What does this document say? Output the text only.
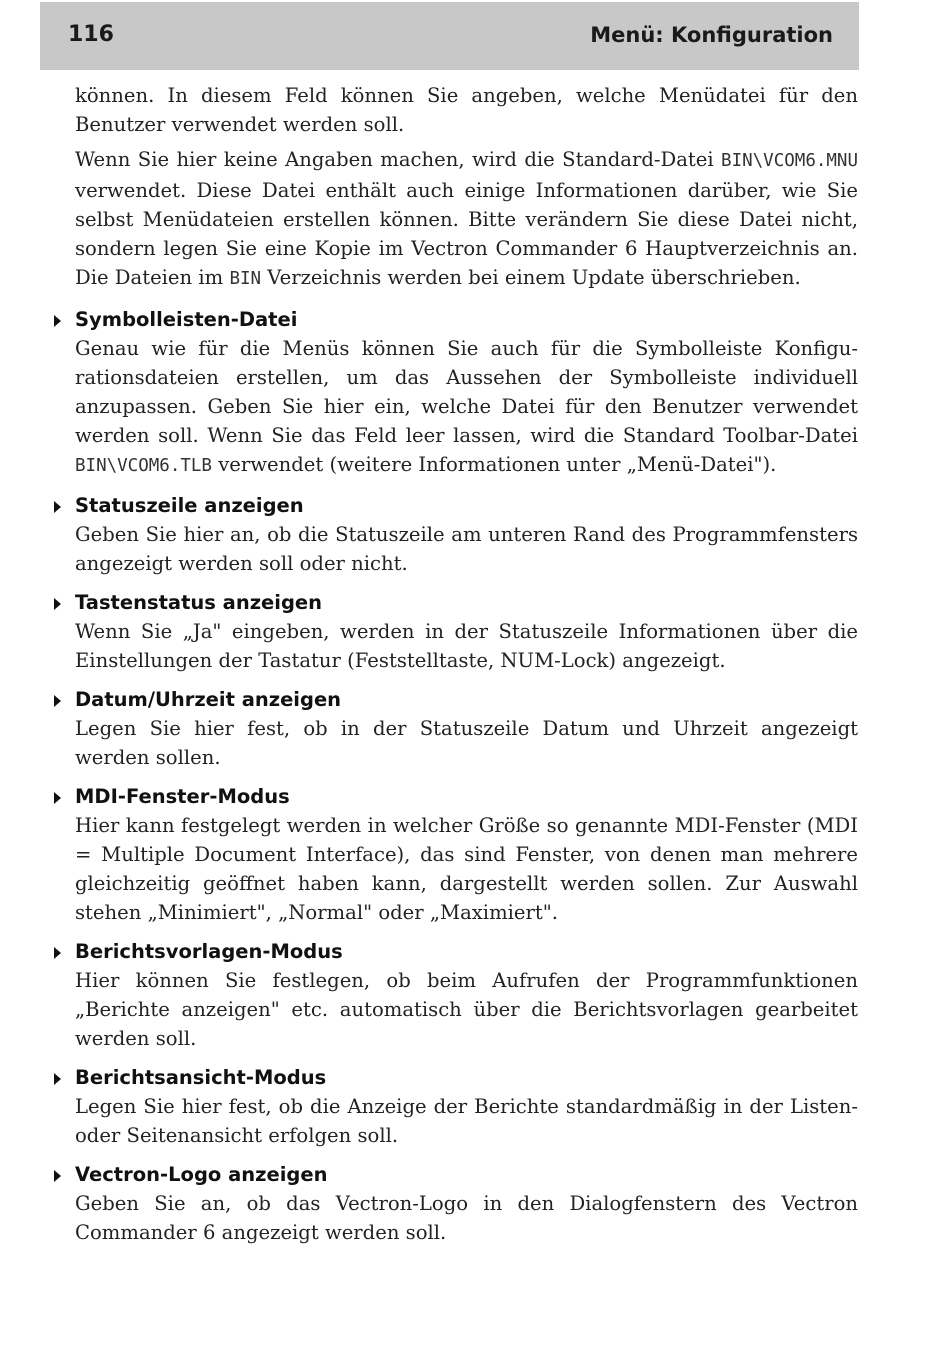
116	Menü: Konfiguration

können. In diesem Feld können Sie angeben, welche Menüdatei für den Benutzer verwendet werden soll.

Wenn Sie hier keine Angaben machen, wird die Standard-Datei BIN\VCOM6.MNU verwendet. Diese Datei enthält auch einige Informationen darüber, wie Sie selbst Menüdateien erstellen können. Bitte verändern Sie diese Datei nicht, sondern legen Sie eine Kopie im Vectron Commander 6 Hauptverzeichnis an. Die Dateien im BIN Verzeichnis werden bei einem Update überschrieben.

Symbolleisten-Datei

Genau wie für die Menüs können Sie auch für die Symbolleiste Konfigurationsdateien erstellen, um das Aussehen der Symbolleiste individuell anzupassen. Geben Sie hier ein, welche Datei für den Benutzer verwendet werden soll. Wenn Sie das Feld leer lassen, wird die Standard Toolbar-Datei BIN\VCOM6.TLB verwendet (weitere Informationen unter „Menü-Datei").

Statuszeile anzeigen

Geben Sie hier an, ob die Statuszeile am unteren Rand des Programmfensters angezeigt werden soll oder nicht.

Tastenstatus anzeigen

Wenn Sie „Ja" eingeben, werden in der Statuszeile Informationen über die Einstellungen der Tastatur (Feststelltaste, NUM-Lock) angezeigt.

Datum/Uhrzeit anzeigen

Legen Sie hier fest, ob in der Statuszeile Datum und Uhrzeit angezeigt werden sollen.

MDI-Fenster-Modus

Hier kann festgelegt werden in welcher Größe so genannte MDI-Fenster (MDI = Multiple Document Interface), das sind Fenster, von denen man mehrere gleichzeitig geöffnet haben kann, dargestellt werden sollen. Zur Auswahl stehen „Minimiert", „Normal" oder „Maximiert".

Berichtsvorlagen-Modus

Hier können Sie festlegen, ob beim Aufrufen der Programmfunktionen „Berichte anzeigen" etc. automatisch über die Berichtsvorlagen gearbeitet werden soll.

Berichtsansicht-Modus

Legen Sie hier fest, ob die Anzeige der Berichte standardmäßig in der Listen- oder Seitenansicht erfolgen soll.

Vectron-Logo anzeigen

Geben Sie an, ob das Vectron-Logo in den Dialogfenstern des Vectron Commander 6 angezeigt werden soll.
